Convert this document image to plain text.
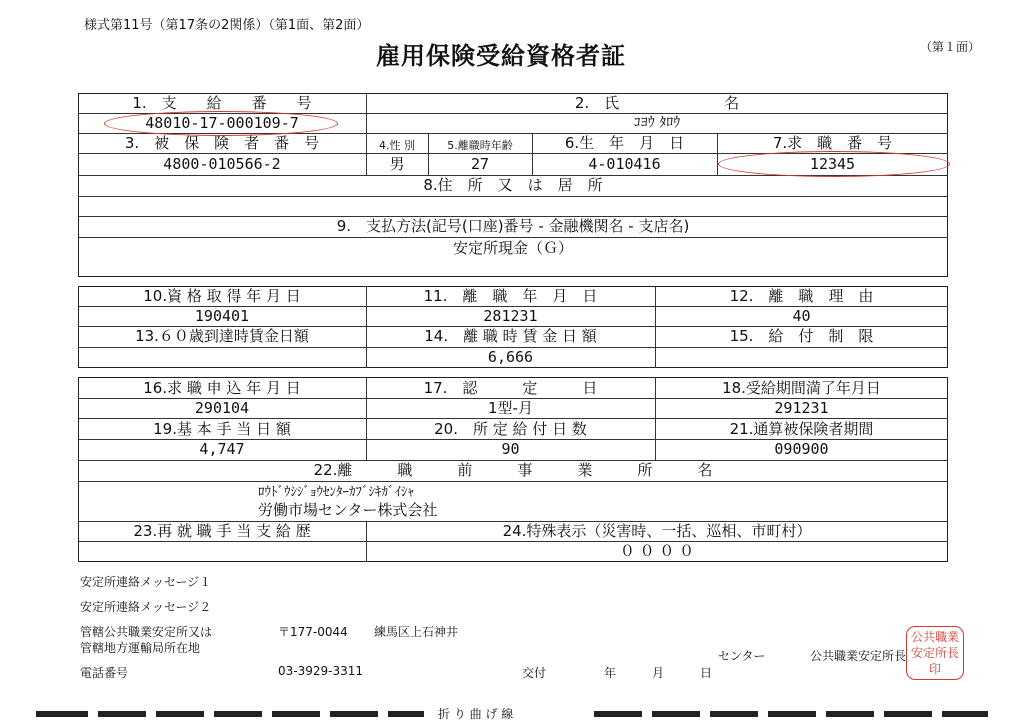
様式第11号（第17条の2関係）（第1面、第2面）
雇用保険受給資格者証	（第１面）
1.　支　　給　　番　　号
48010-17-000109-7
2.　氏　　　　　　　名
ｺﾖｳ ﾀﾛｳ
3.　被　保　険　者　番　号
4800-010566-2
4.性 別
男
5.離職時年齢
27
6.生　年　月　日
4-010416
7.求　職　番　号
12345
8.住　所　又　は　居　所
9.　支払方法(記号(口座)番号 - 金融機関名 - 支店名)
安定所現金（Ｇ）
10.資 格 取 得 年 月 日
190401
11.　離　職　年　月　日
281231
12.　離　職　理　由
40
13.６０歳到達時賃金日額	14.　離 職 時 賃 金 日 額
6,666
15.　給　付　制　限
16.求 職 申 込 年 月 日
290104
17.　認　　　定　　　日
1型-月
18.受給期間満了年月日
291231
19.基 本 手 当 日 額
4,747
20.　所 定 給 付 日 数
90
21.通算被保険者期間
090900
22.離　　　職　　　前　　　事　　　業　　　所　　　名
ﾛｳﾄﾞｳｼｼﾞｮｳｾﾝﾀｰｶﾌﾞｼｷｶﾞｲｼｬ
労働市場センター株式会社
23.再 就 職 手 当 支 給 歴	24.特殊表示（災害時、一括、巡相、市町村）
０ ０ ０ ０
安定所連絡メッセージ１
安定所連絡メッセージ２
管轄公共職業安定所又は
管轄地方運輸局所在地
〒177-0044 練馬区上石神井
電話番号	03-3929-3311	交付	年	月	日
センター	公共職業安定所長
公共職業安定所長印
折 り 曲 げ 線
